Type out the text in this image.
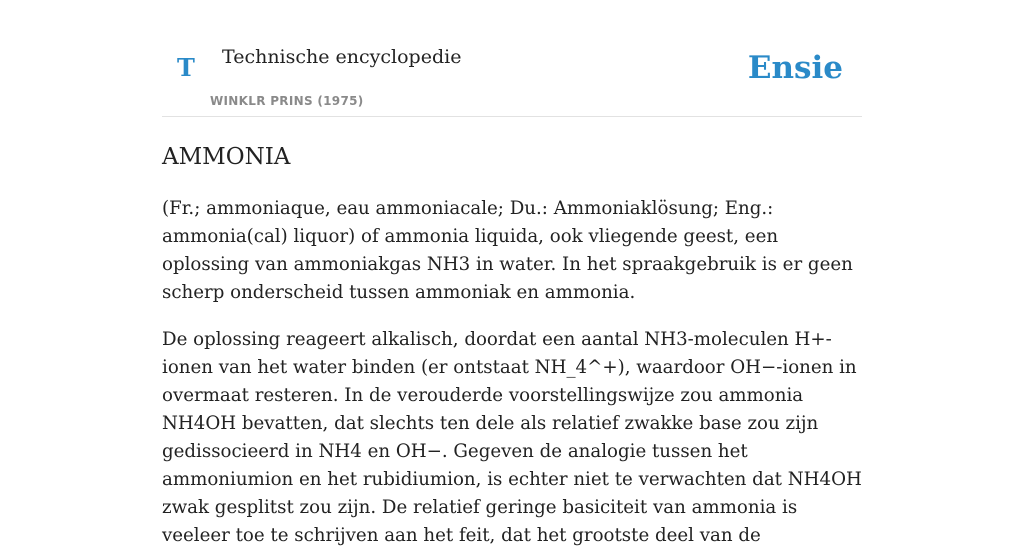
T Technische encyclopedie
WINKLR PRINS (1975)
Ensie
AMMONIA

(Fr.; ammoniaque, eau ammoniacale; Du.: Ammoniaklösung; Eng.: ammonia(cal) liquor) of ammonia liquida, ook vliegende geest, een oplossing van ammoniakgas NH3 in water. In het spraakgebruik is er geen scherp onderscheid tussen ammoniak en ammonia.

De oplossing reageert alkalisch, doordat een aantal NH3-moleculen H+-ionen van het water binden (er ontstaat NH_4^+), waardoor OH−-ionen in overmaat resteren. In de verouderde voorstellingswijze zou ammonia NH4OH bevatten, dat slechts ten dele als relatief zwakke base zou zijn gedissocieerd in NH4 en OH−. Gegeven de analogie tussen het ammoniumion en het rubidiumion, is echter niet te verwachten dat NH4OH zwak gesplitst zou zijn. De relatief geringe basiciteit van ammonia is veeleer toe te schrijven aan het feit, dat het grootste deel van de
